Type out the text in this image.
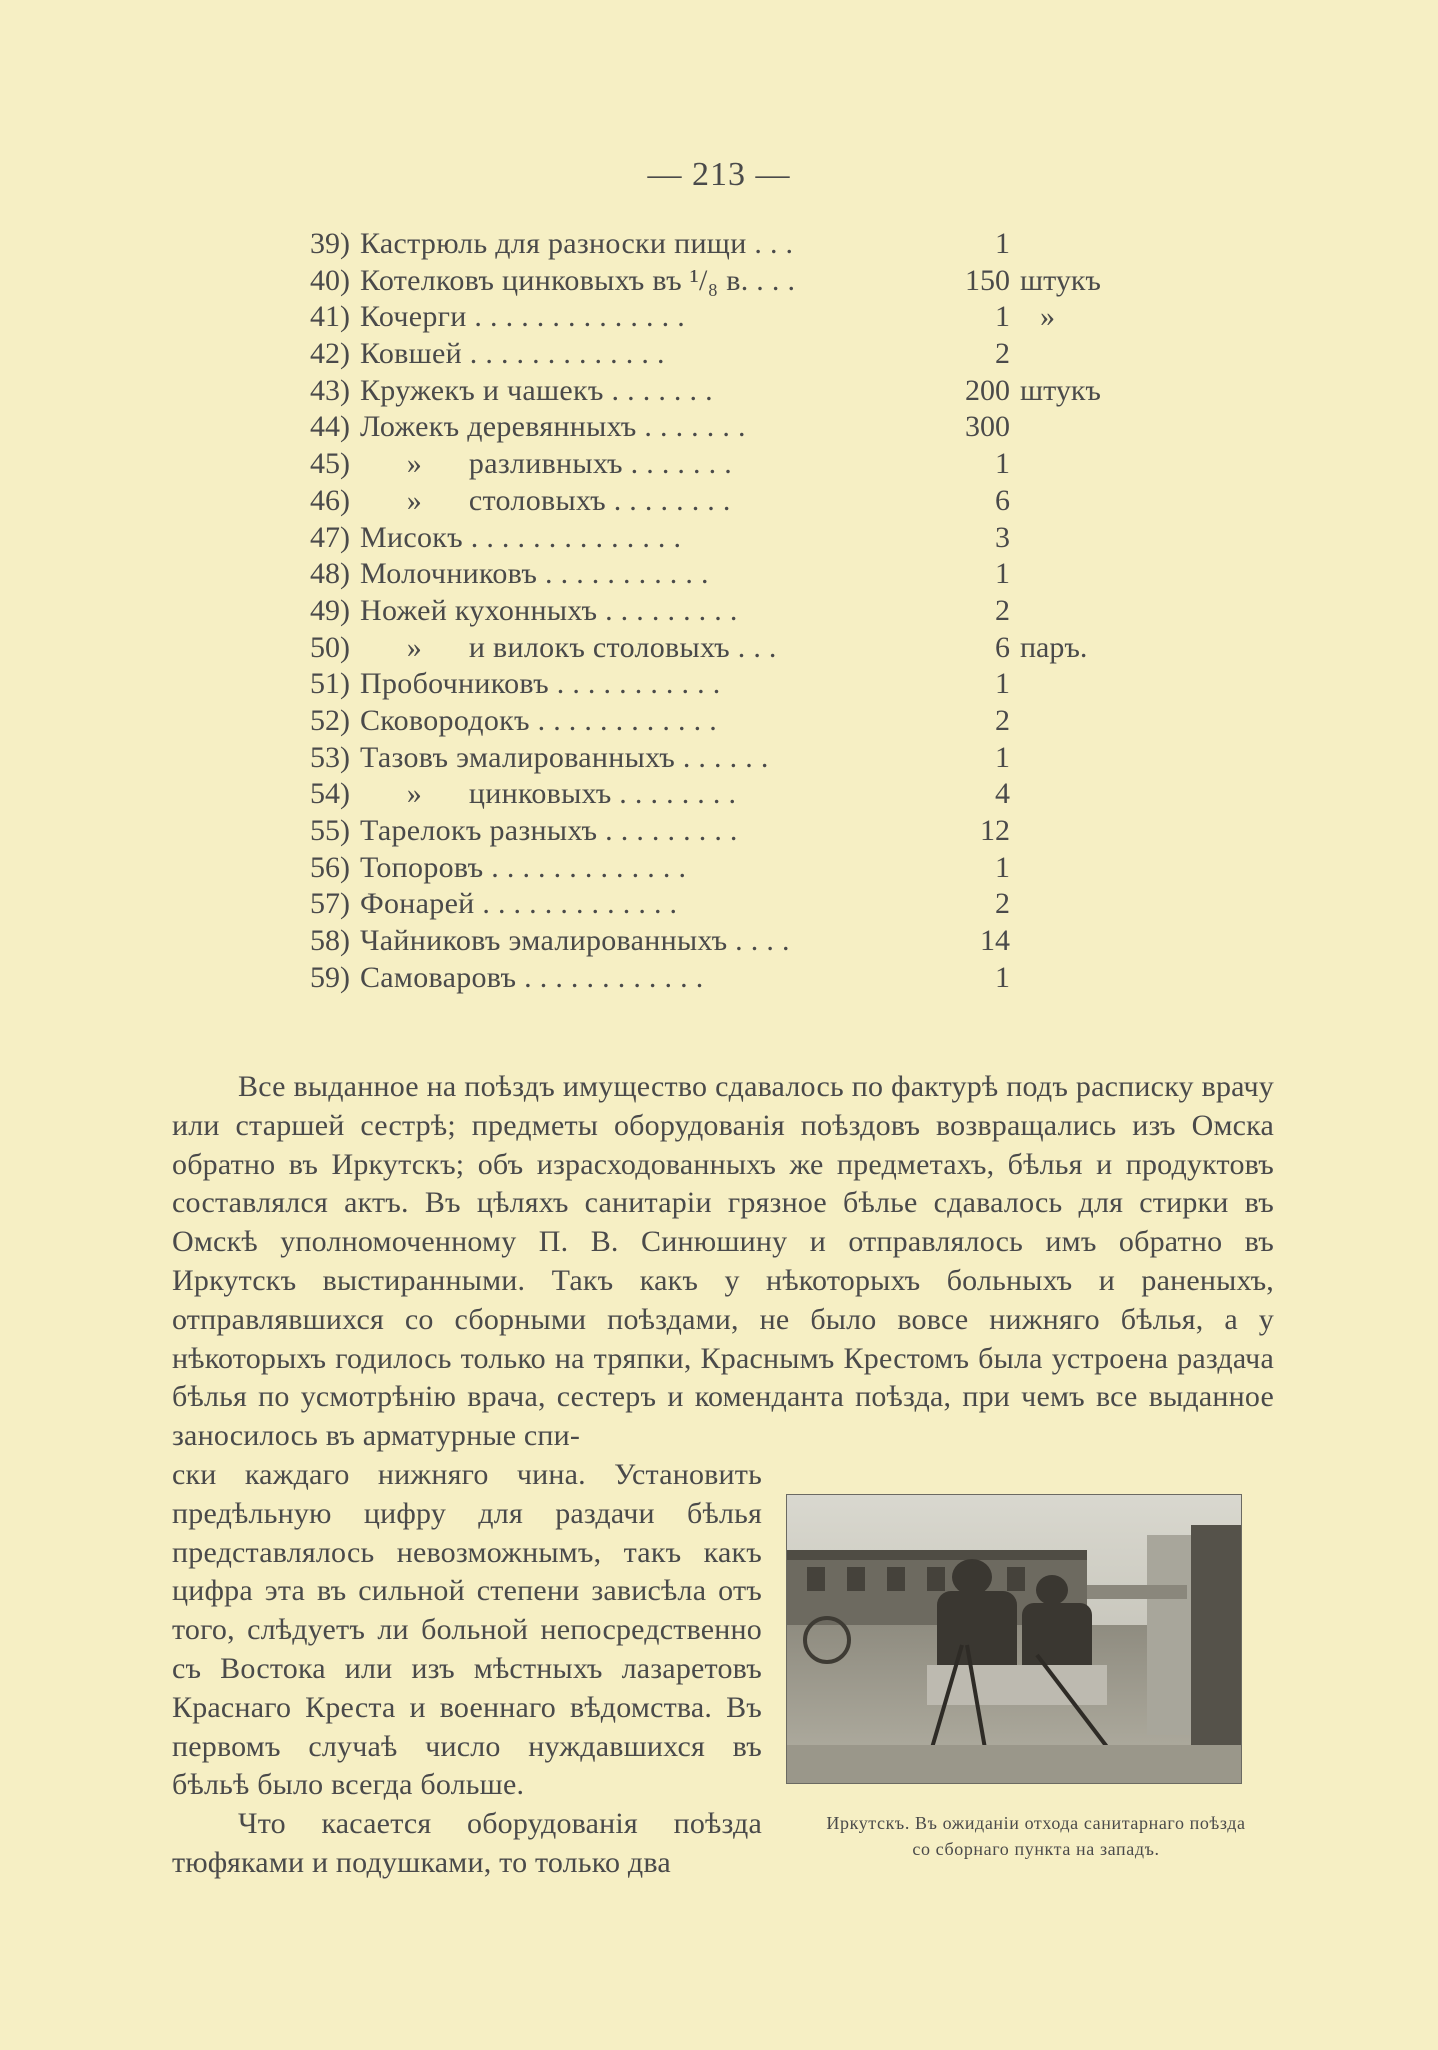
— 213 —
39) Кастрюль для разноски пищи . . .	1
40) Котелковъ цинковыхъ въ ¹/₈ в. . . .	150 штукъ
41) Кочерги . . . . . . . . . . . . . .	1	»
42) Ковшей . . . . . . . . . . . . .	2
43) Кружекъ и чашекъ . . . . . . .	200 штукъ
44) Ложекъ деревянныхъ . . . . . . .	300
45) »      разливныхъ . . . . . . .	1
46) »      столовыхъ . . . . . . . .	6
47) Мисокъ . . . . . . . . . . . . . .	3
48) Молочниковъ . . . . . . . . . . .	1
49) Ножей кухонныхъ . . . . . . . . .	2
50) »      и вилокъ столовыхъ . . .	6 паръ.
51) Пробочниковъ . . . . . . . . . . .	1
52) Сковородокъ . . . . . . . . . . . .	2
53) Тазовъ эмалированныхъ . . . . . .	1
54) »      цинковыхъ . . . . . . . .	4
55) Тарелокъ разныхъ . . . . . . . . .	12
56) Топоровъ . . . . . . . . . . . . .	1
57) Фонарей . . . . . . . . . . . . .	2
58) Чайниковъ эмалированныхъ . . . .	14
59) Самоваровъ . . . . . . . . . . . .	1
Все выданное на поѣздъ имущество сдавалось по фактурѣ подъ расписку врачу или старшей сестрѣ; предметы оборудованія поѣздовъ возвращались изъ Омска обратно въ Иркутскъ; объ израсходованныхъ же предметахъ, бѣлья и продуктовъ составлялся актъ. Въ цѣляхъ санитаріи грязное бѣлье сдавалось для стирки въ Омскѣ уполномоченному П. В. Синюшину и отправлялось имъ обратно въ Иркутскъ выстиранными. Такъ какъ у нѣкоторыхъ больныхъ и раненыхъ, отправлявшихся со сборными поѣздами, не было вовсе нижняго бѣлья, а у нѣкоторыхъ годилось только на тряпки, Краснымъ Крестомъ была устроена раздача бѣлья по усмотрѣнію врача, сестеръ и коменданта поѣзда, при чемъ все выданное заносилось въ арматурные спи-

ски каждаго нижняго чина. Установить предѣльную цифру для раздачи бѣлья представлялось невозможнымъ, такъ какъ цифра эта въ сильной степени зависѣла отъ того, слѣдуетъ ли больной непосредственно съ Востока или изъ мѣстныхъ лазаретовъ Краснаго Креста и военнаго вѣдомства. Въ первомъ случаѣ число нуждавшихся въ бѣльѣ было всегда больше.

Что касается оборудованія поѣзда тюфяками и подушками, то только два

Иркутскъ. Въ ожиданіи отхода санитарнаго поѣзда
со сборнаго пункта на западъ.
